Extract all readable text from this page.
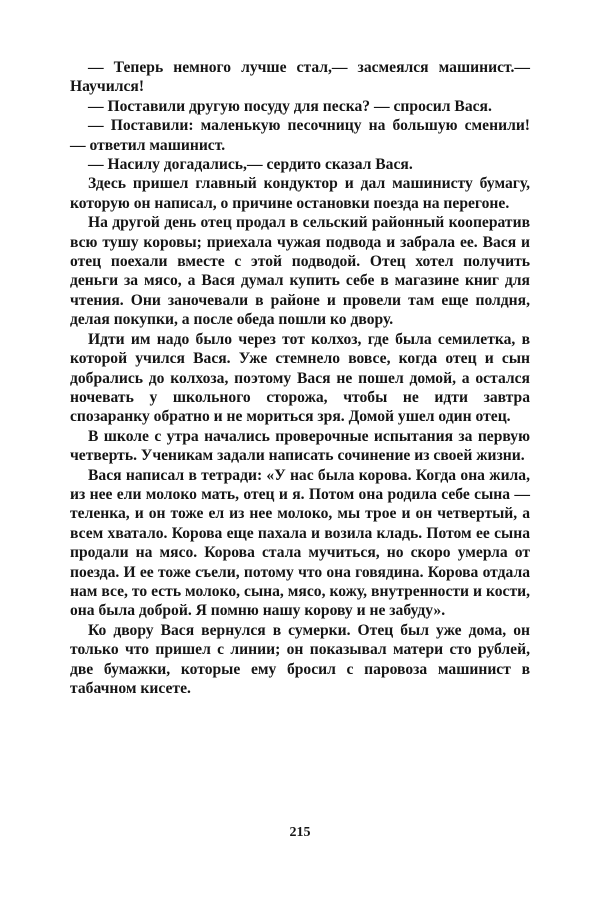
— Теперь немного лучше стал,— засмеялся машинист.— Научился!

— Поставили другую посуду для песка? — спросил Вася.

— Поставили: маленькую песочницу на большую сменили! — ответил машинист.

— Насилу догадались,— сердито сказал Вася.

Здесь пришел главный кондуктор и дал машинисту бумагу, которую он написал, о причине остановки поезда на перегоне.

На другой день отец продал в сельский районный кооператив всю тушу коровы; приехала чужая подвода и забрала ее. Вася и отец поехали вместе с этой подводой. Отец хотел получить деньги за мясо, а Вася думал купить себе в магазине книг для чтения. Они заночевали в районе и провели там еще полдня, делая покупки, а после обеда пошли ко двору.

Идти им надо было через тот колхоз, где была семилетка, в которой учился Вася. Уже стемнело вовсе, когда отец и сын добрались до колхоза, поэтому Вася не пошел домой, а остался ночевать у школьного сторожа, чтобы не идти завтра спозаранку обратно и не мориться зря. Домой ушел один отец.

В школе с утра начались проверочные испытания за первую четверть. Ученикам задали написать сочинение из своей жизни.

Вася написал в тетради: «У нас была корова. Когда она жила, из нее ели молоко мать, отец и я. Потом она родила себе сына — теленка, и он тоже ел из нее молоко, мы трое и он четвертый, а всем хватало. Корова еще пахала и возила кладь. Потом ее сына продали на мясо. Корова стала мучиться, но скоро умерла от поезда. И ее тоже съели, потому что она говядина. Корова отдала нам все, то есть молоко, сына, мясо, кожу, внутренности и кости, она была доброй. Я помню нашу корову и не забуду».

Ко двору Вася вернулся в сумерки. Отец был уже дома, он только что пришел с линии; он показывал матери сто рублей, две бумажки, которые ему бросил с паровоза машинист в табачном кисете.

215
